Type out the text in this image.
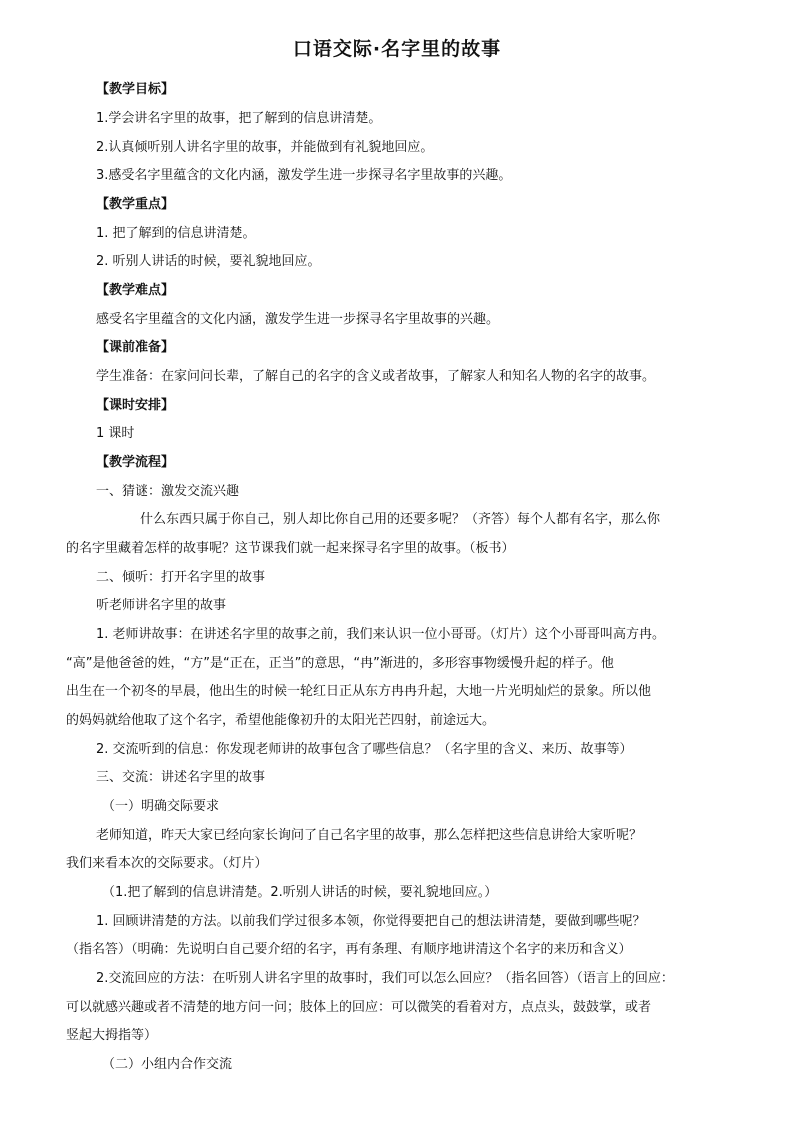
口语交际·名字里的故事
【教学目标】
1.学会讲名字里的故事，把了解到的信息讲清楚。
2.认真倾听别人讲名字里的故事，并能做到有礼貌地回应。
3.感受名字里蕴含的文化内涵，激发学生进一步探寻名字里故事的兴趣。
【教学重点】
1. 把了解到的信息讲清楚。
2. 听别人讲话的时候，要礼貌地回应。
【教学难点】
感受名字里蕴含的文化内涵，激发学生进一步探寻名字里故事的兴趣。
【课前准备】
学生准备：在家问问长辈，了解自己的名字的含义或者故事，了解家人和知名人物的名字的故事。
【课时安排】
1 课时
【教学流程】
一、猜谜：激发交流兴趣
什么东西只属于你自己，别人却比你自己用的还要多呢？（齐答）每个人都有名字，那么你
的名字里藏着怎样的故事呢？这节课我们就一起来探寻名字里的故事。（板书）
二、倾听：打开名字里的故事
听老师讲名字里的故事
1. 老师讲故事：在讲述名字里的故事之前，我们来认识一位小哥哥。（灯片）这个小哥哥叫高方冉。
“高”是他爸爸的姓，“方”是“正在，正当”的意思，“冉”渐进的，多形容事物缓慢升起的样子。他
出生在一个初冬的早晨，他出生的时候一轮红日正从东方冉冉升起，大地一片光明灿烂的景象。所以他
的妈妈就给他取了这个名字，希望他能像初升的太阳光芒四射，前途远大。
2. 交流听到的信息：你发现老师讲的故事包含了哪些信息？（名字里的含义、来历、故事等）
三、交流：讲述名字里的故事
（一）明确交际要求
老师知道，昨天大家已经向家长询问了自己名字里的故事，那么怎样把这些信息讲给大家听呢？
我们来看本次的交际要求。（灯片）
（1.把了解到的信息讲清楚。2.听别人讲话的时候，要礼貌地回应。）
1. 回顾讲清楚的方法。以前我们学过很多本领，你觉得要把自己的想法讲清楚，要做到哪些呢？
（指名答）（明确：先说明白自己要介绍的名字，再有条理、有顺序地讲清这个名字的来历和含义）
2.交流回应的方法：在听别人讲名字里的故事时，我们可以怎么回应？（指名回答）（语言上的回应：
可以就感兴趣或者不清楚的地方问一问；肢体上的回应：可以微笑的看着对方，点点头，鼓鼓掌，或者
竖起大拇指等）
（二）小组内合作交流
